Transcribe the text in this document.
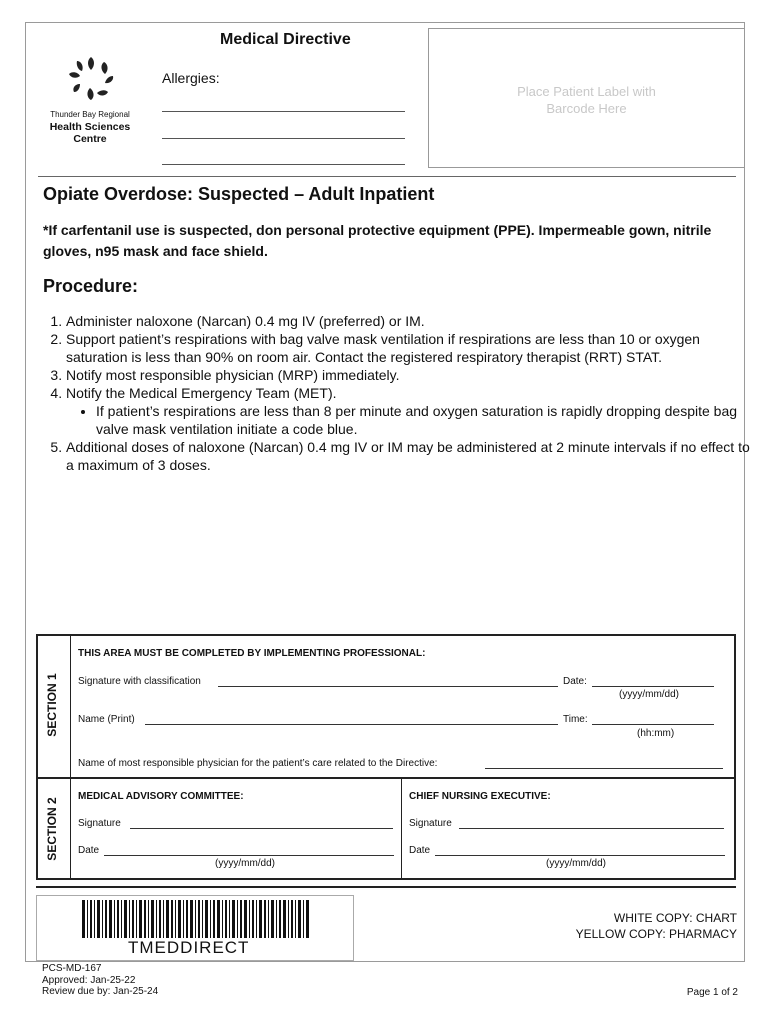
Thunder Bay Regional
Health Sciences
Centre
Medical Directive
Allergies:
Place Patient Label with
Barcode Here
Opiate Overdose: Suspected – Adult Inpatient
*If carfentanil use is suspected, don personal protective equipment (PPE). Impermeable gown, nitrile gloves, n95 mask and face shield.
Procedure:
1. Administer naloxone (Narcan) 0.4 mg IV (preferred) or IM.
2. Support patient’s respirations with bag valve mask ventilation if respirations are less than 10 or oxygen saturation is less than 90% on room air. Contact the registered respiratory therapist (RRT) STAT.
3. Notify most responsible physician (MRP) immediately.
4. Notify the Medical Emergency Team (MET).
• If patient’s respirations are less than 8 per minute and oxygen saturation is rapidly dropping despite bag valve mask ventilation initiate a code blue.
5. Additional doses of naloxone (Narcan) 0.4 mg IV or IM may be administered at 2 minute intervals if no effect to a maximum of 3 doses.
SECTION 1
SECTION 2
THIS AREA MUST BE COMPLETED BY IMPLEMENTING PROFESSIONAL:
Signature with classification	Date:
(yyyy/mm/dd)
Name (Print)	Time:
(hh:mm)
Name of most responsible physician for the patient’s care related to the Directive:
MEDICAL ADVISORY COMMITTEE:
Signature
Date
(yyyy/mm/dd)
CHIEF NURSING EXECUTIVE:
Signature
Date
(yyyy/mm/dd)
TMEDDIRECT
WHITE COPY: CHART
YELLOW COPY: PHARMACY
PCS-MD-167
Approved: Jan-25-22
Review due by: Jan-25-24	Page 1 of 2
